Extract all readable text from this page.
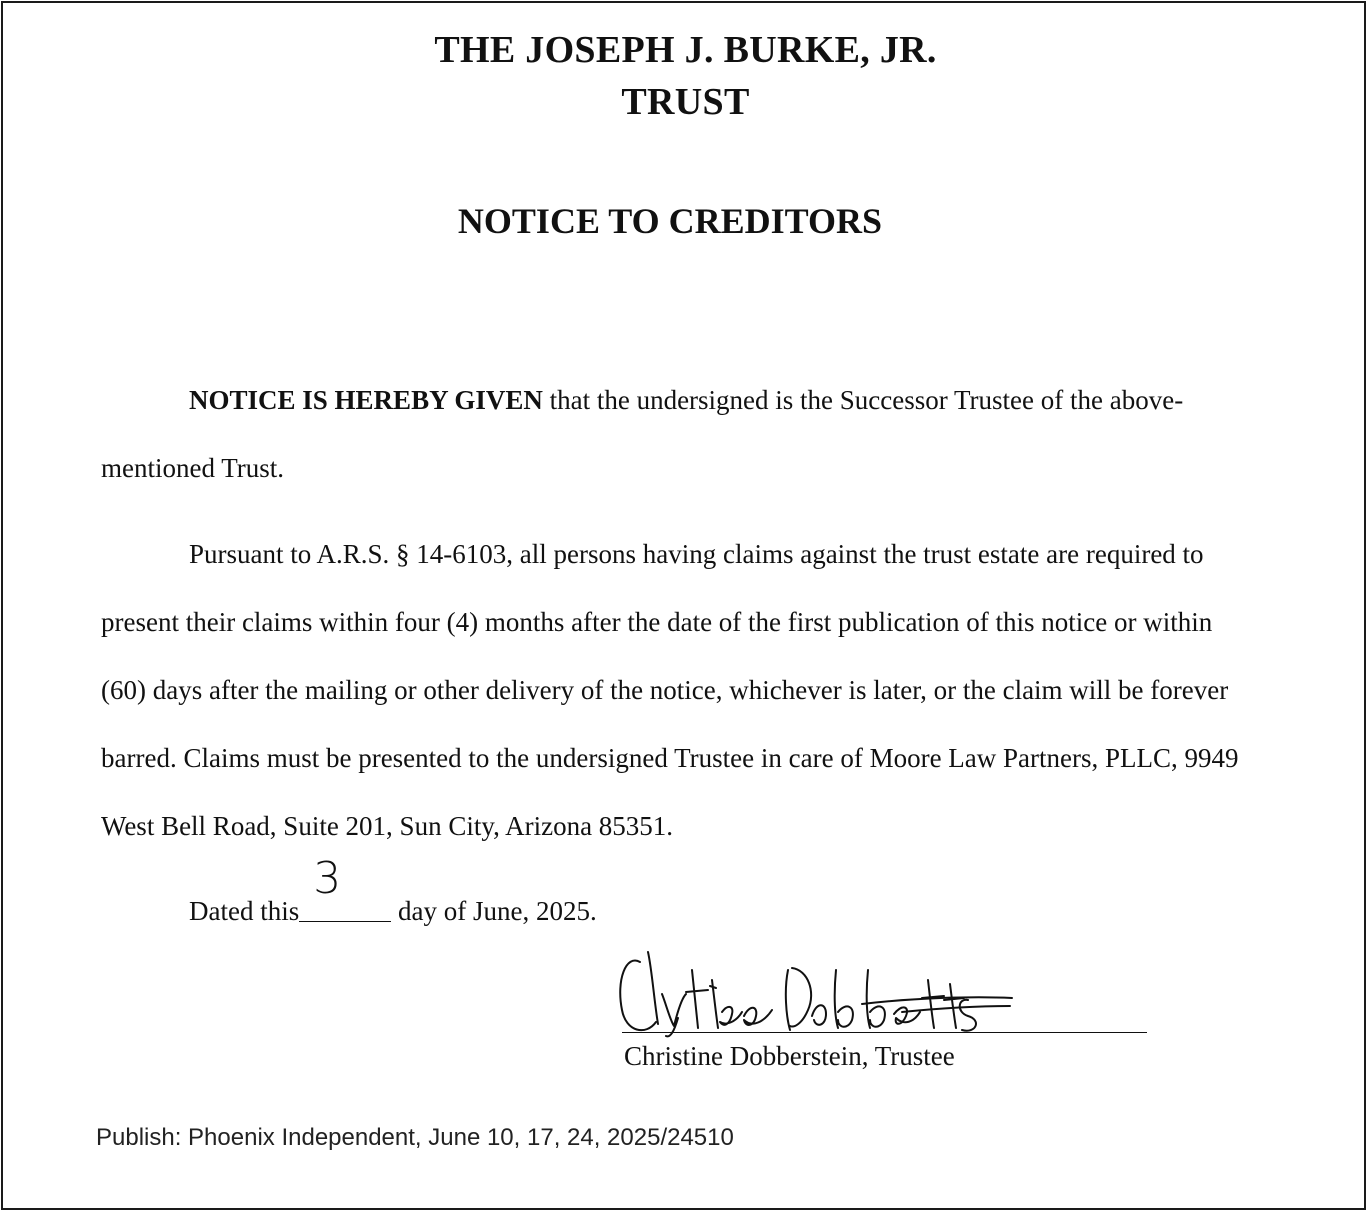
THE JOSEPH J. BURKE, JR.
TRUST
NOTICE TO CREDITORS
NOTICE IS HEREBY GIVEN that the undersigned is the Successor Trustee of the above-mentioned Trust.
Pursuant to A.R.S. § 14-6103, all persons having claims against the trust estate are required to present their claims within four (4) months after the date of the first publication of this notice or within (60) days after the mailing or other delivery of the notice, whichever is later, or the claim will be forever barred. Claims must be presented to the undersigned Trustee in care of Moore Law Partners, PLLC, 9949 West Bell Road, Suite 201, Sun City, Arizona 85351.
Dated this
3
day of June, 2025.
Christine Dobberstein, Trustee
Publish: Phoenix Independent, June 10, 17, 24, 2025/24510
